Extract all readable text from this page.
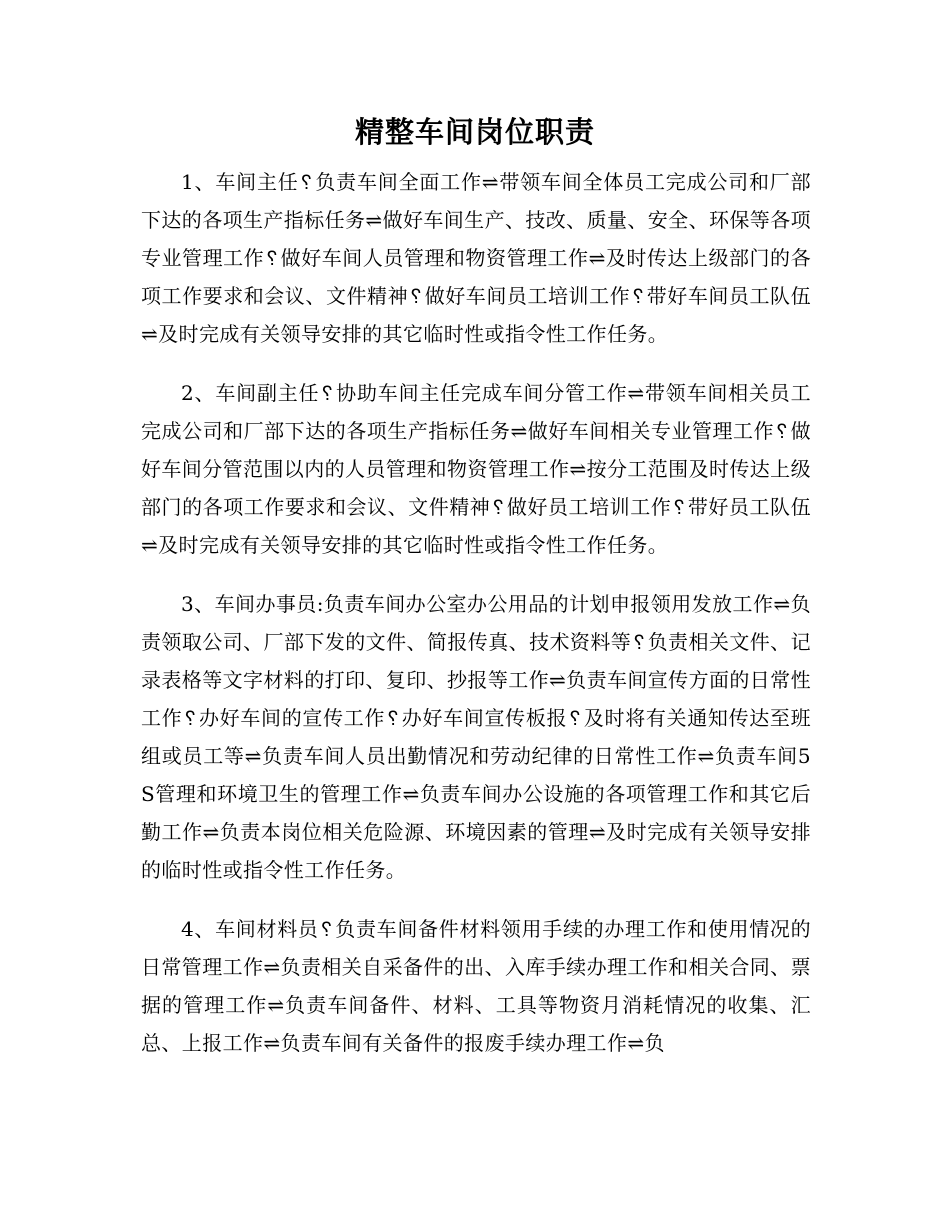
精整车间岗位职责

1、车间主任␦负责车间全面工作⇌带领车间全体员工完成公司和厂部下达的各项生产指标任务⇌做好车间生产、技改、质量、安全、环保等各项专业管理工作␦做好车间人员管理和物资管理工作⇌及时传达上级部门的各项工作要求和会议、文件精神␦做好车间员工培训工作␦带好车间员工队伍⇌及时完成有关领导安排的其它临时性或指令性工作任务。

2、车间副主任␦协助车间主任完成车间分管工作⇌带领车间相关员工完成公司和厂部下达的各项生产指标任务⇌做好车间相关专业管理工作␦做好车间分管范围以内的人员管理和物资管理工作⇌按分工范围及时传达上级部门的各项工作要求和会议、文件精神␦做好员工培训工作␦带好员工队伍⇌及时完成有关领导安排的其它临时性或指令性工作任务。

3、车间办事员:负责车间办公室办公用品的计划申报领用发放工作⇌负责领取公司、厂部下发的文件、简报传真、技术资料等␦负责相关文件、记录表格等文字材料的打印、复印、抄报等工作⇌负责车间宣传方面的日常性工作␦办好车间的宣传工作␦办好车间宣传板报␦及时将有关通知传达至班组或员工等⇌负责车间人员出勤情况和劳动纪律的日常性工作⇌负责车间5S管理和环境卫生的管理工作⇌负责车间办公设施的各项管理工作和其它后勤工作⇌负责本岗位相关危险源、环境因素的管理⇌及时完成有关领导安排的临时性或指令性工作任务。

4、车间材料员␦负责车间备件材料领用手续的办理工作和使用情况的日常管理工作⇌负责相关自采备件的出、入库手续办理工作和相关合同、票据的管理工作⇌负责车间备件、材料、工具等物资月消耗情况的收集、汇总、上报工作⇌负责车间有关备件的报废手续办理工作⇌负
